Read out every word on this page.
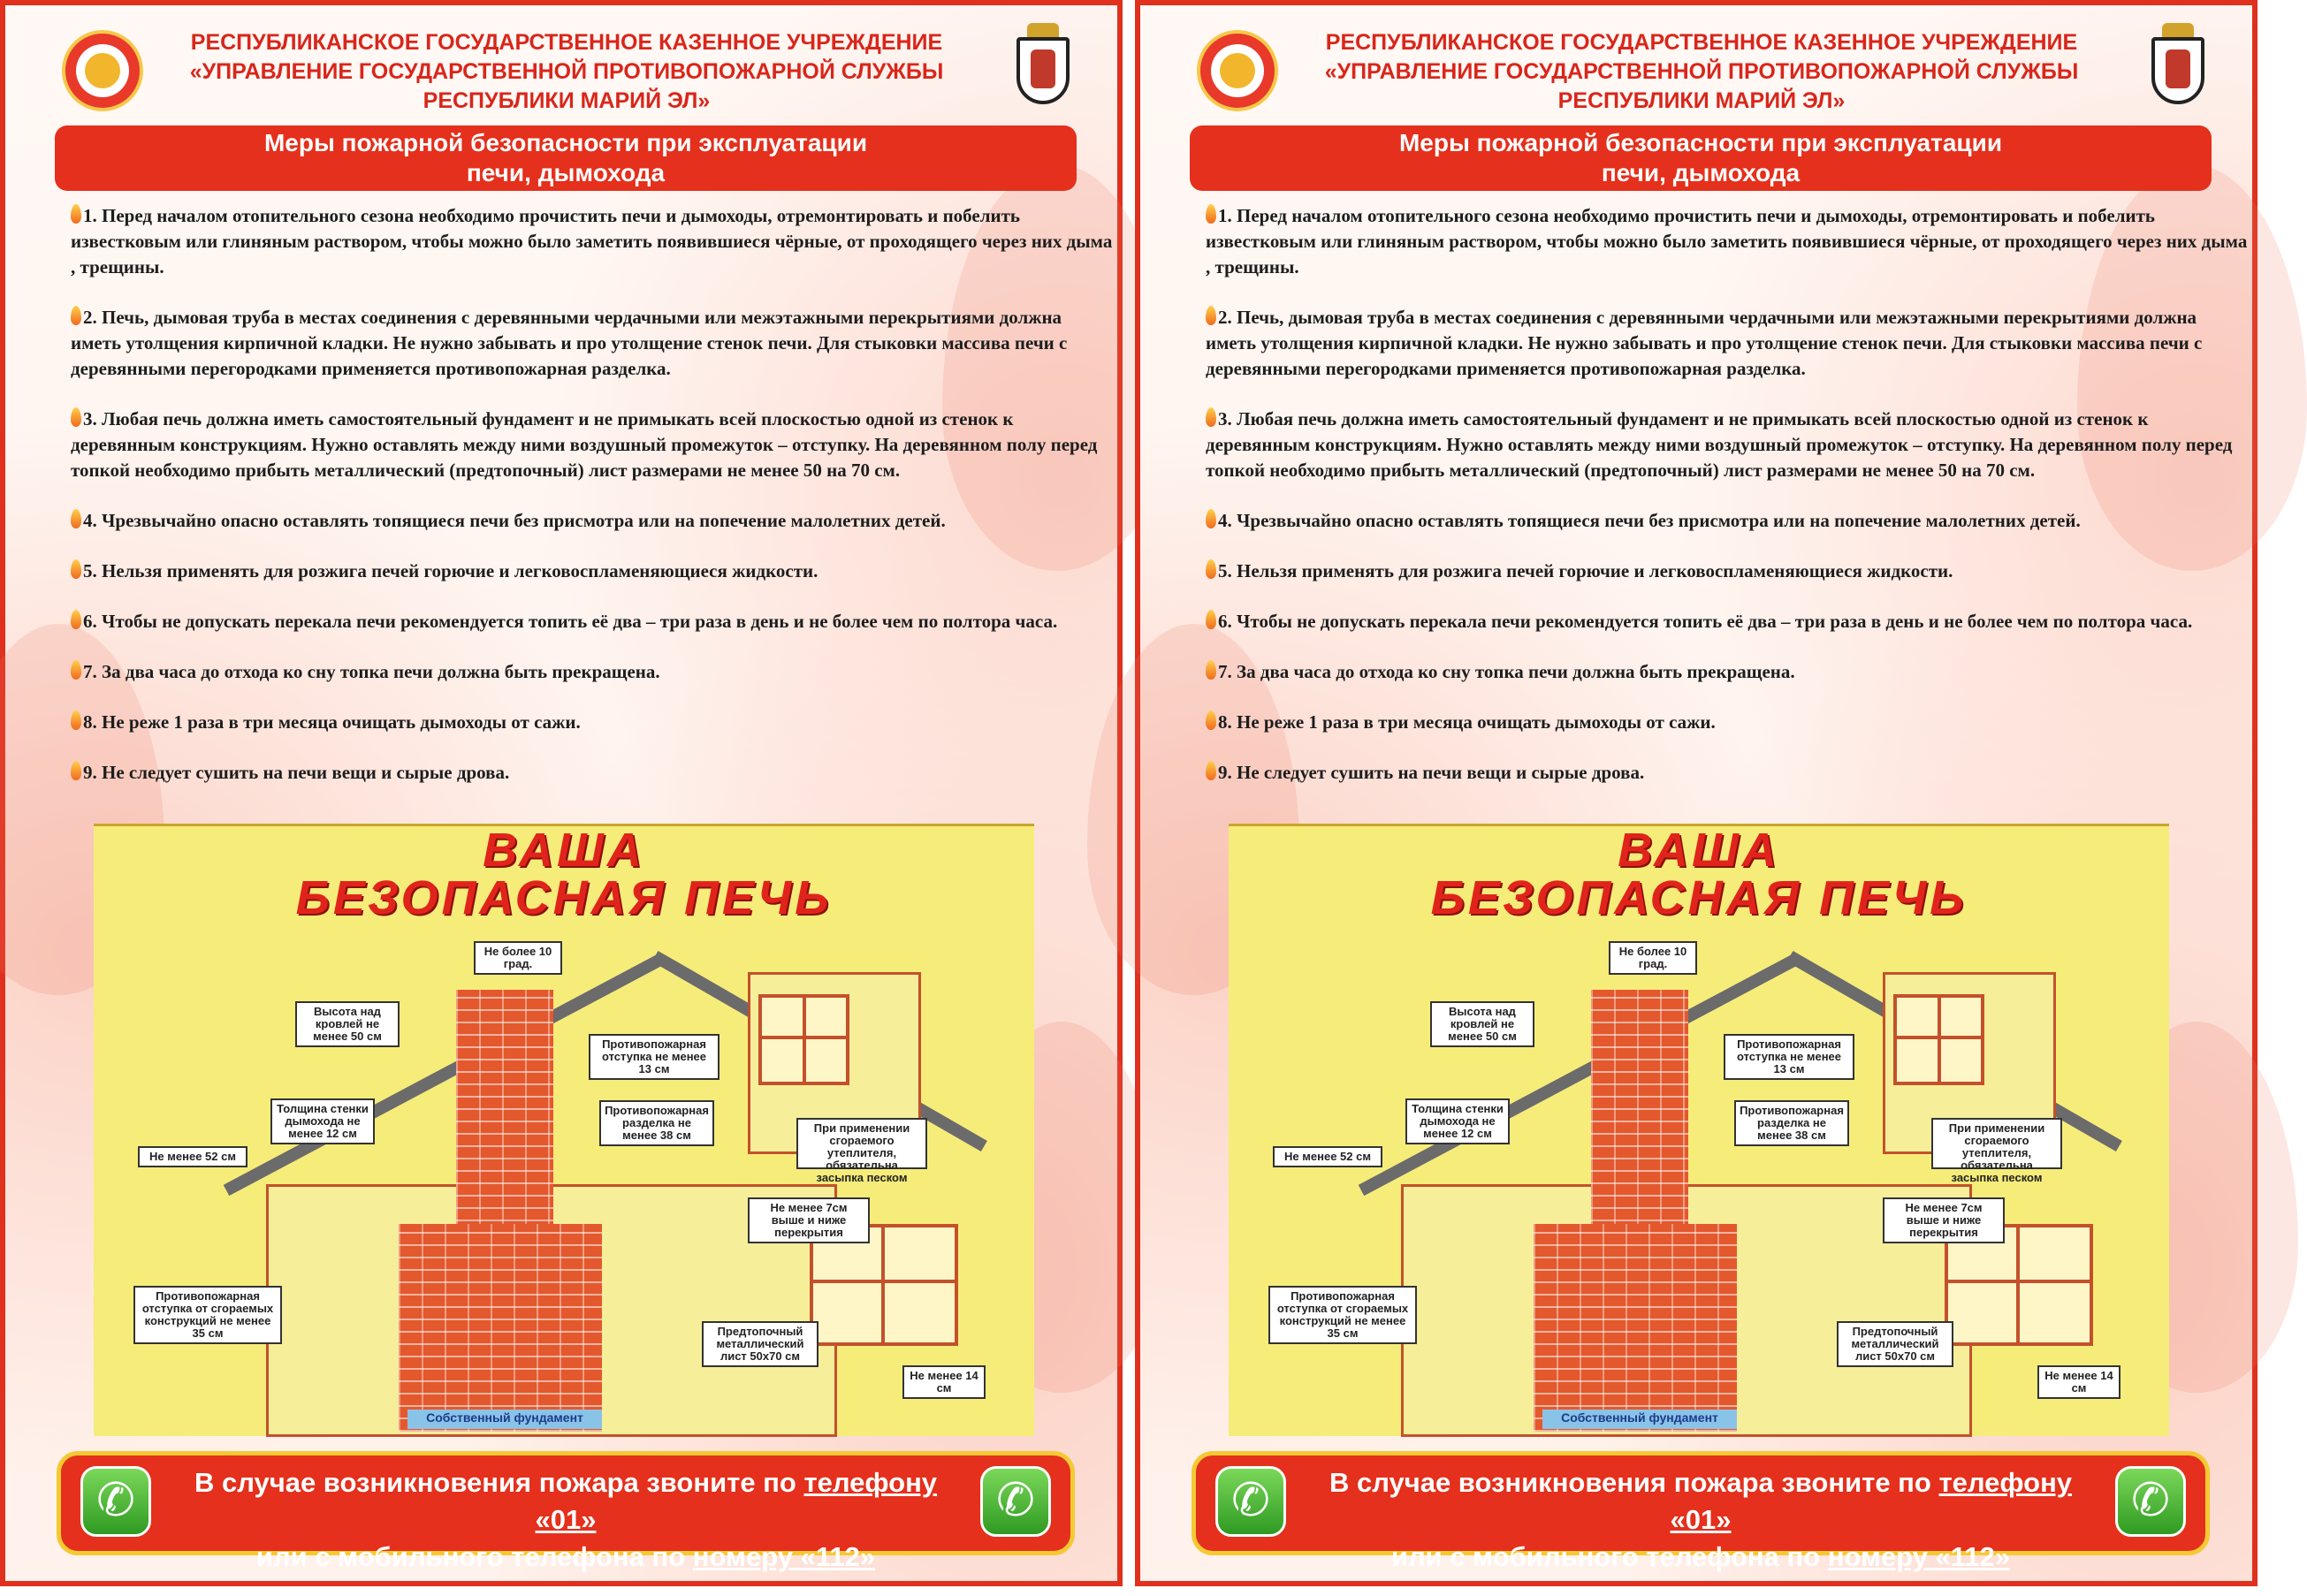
РЕСПУБЛИКАНСКОЕ ГОСУДАРСТВЕННОЕ КАЗЕННОЕ УЧРЕЖДЕНИЕ
«УПРАВЛЕНИЕ ГОСУДАРСТВЕННОЙ ПРОТИВОПОЖАРНОЙ СЛУЖБЫ
РЕСПУБЛИКИ МАРИЙ ЭЛ»
Меры пожарной безопасности при эксплуатации
печи, дымохода
1. Перед началом отопительного сезона необходимо прочистить печи и дымоходы, отремонтировать и побелить известковым или глиняным раствором, чтобы можно было заметить появившиеся чёрные, от проходящего через них дыма , трещины.
2. Печь, дымовая труба в местах соединения с деревянными чердачными или межэтажными перекрытиями должна иметь утолщения кирпичной кладки. Не нужно забывать и про утолщение стенок печи. Для стыковки массива печи с деревянными перегородками применяется противопожарная разделка.
3. Любая печь должна иметь самостоятельный фундамент и не примыкать всей плоскостью одной из стенок к деревянным конструкциям. Нужно оставлять между ними воздушный промежуток – отступку. На деревянном полу перед топкой необходимо прибыть металлический (предтопочный) лист размерами не менее 50 на 70 см.
4. Чрезвычайно опасно оставлять топящиеся печи без присмотра или на попечение малолетних детей.
5. Нельзя применять для розжига печей горючие и легковоспламеняющиеся жидкости.
6. Чтобы не допускать перекала печи рекомендуется топить её два – три раза в день и не более чем по полтора часа.
7. За два часа до отхода ко сну топка печи должна быть прекращена.
8. Не реже 1 раза в три месяца очищать дымоходы от сажи.
9. Не следует сушить на печи вещи и сырые дрова.
ВАША
БЕЗОПАСНАЯ ПЕЧЬ
Собственный фундамент
Не более 10 град.
Высота над кровлей не менее 50 см
Противопожарная отступка не менее 13 см
Толщина стенки дымохода не менее 12 см
Противопожарная разделка не менее 38 см
При применении сгораемого утеплителя, обязательна засыпка песком
Не менее 52 см
Не менее 7см выше и ниже перекрытия
Противопожарная отступка от сгораемых конструкций не менее 35 см	Предтопочный металлический лист 50х70 см
Не менее 14 см
✆	В случае возникновения пожара звоните по телефону «01»
или с мобильного телефона по номеру «112»
✆
РЕСПУБЛИКАНСКОЕ ГОСУДАРСТВЕННОЕ КАЗЕННОЕ УЧРЕЖДЕНИЕ
«УПРАВЛЕНИЕ ГОСУДАРСТВЕННОЙ ПРОТИВОПОЖАРНОЙ СЛУЖБЫ
РЕСПУБЛИКИ МАРИЙ ЭЛ»
Меры пожарной безопасности при эксплуатации
печи, дымохода
1. Перед началом отопительного сезона необходимо прочистить печи и дымоходы, отремонтировать и побелить известковым или глиняным раствором, чтобы можно было заметить появившиеся чёрные, от проходящего через них дыма , трещины.
2. Печь, дымовая труба в местах соединения с деревянными чердачными или межэтажными перекрытиями должна иметь утолщения кирпичной кладки. Не нужно забывать и про утолщение стенок печи. Для стыковки массива печи с деревянными перегородками применяется противопожарная разделка.
3. Любая печь должна иметь самостоятельный фундамент и не примыкать всей плоскостью одной из стенок к деревянным конструкциям. Нужно оставлять между ними воздушный промежуток – отступку. На деревянном полу перед топкой необходимо прибыть металлический (предтопочный) лист размерами не менее 50 на 70 см.
4. Чрезвычайно опасно оставлять топящиеся печи без присмотра или на попечение малолетних детей.
5. Нельзя применять для розжига печей горючие и легковоспламеняющиеся жидкости.
6. Чтобы не допускать перекала печи рекомендуется топить её два – три раза в день и не более чем по полтора часа.
7. За два часа до отхода ко сну топка печи должна быть прекращена.
8. Не реже 1 раза в три месяца очищать дымоходы от сажи.
9. Не следует сушить на печи вещи и сырые дрова.
ВАША
БЕЗОПАСНАЯ ПЕЧЬ
Собственный фундамент
Не более 10 град.
Высота над кровлей не менее 50 см
Противопожарная отступка не менее 13 см
Толщина стенки дымохода не менее 12 см
Противопожарная разделка не менее 38 см
При применении сгораемого утеплителя, обязательна засыпка песком
Не менее 52 см
Не менее 7см выше и ниже перекрытия
Противопожарная отступка от сгораемых конструкций не менее 35 см	Предтопочный металлический лист 50х70 см
Не менее 14 см
✆	В случае возникновения пожара звоните по телефону «01»
или с мобильного телефона по номеру «112»
✆
